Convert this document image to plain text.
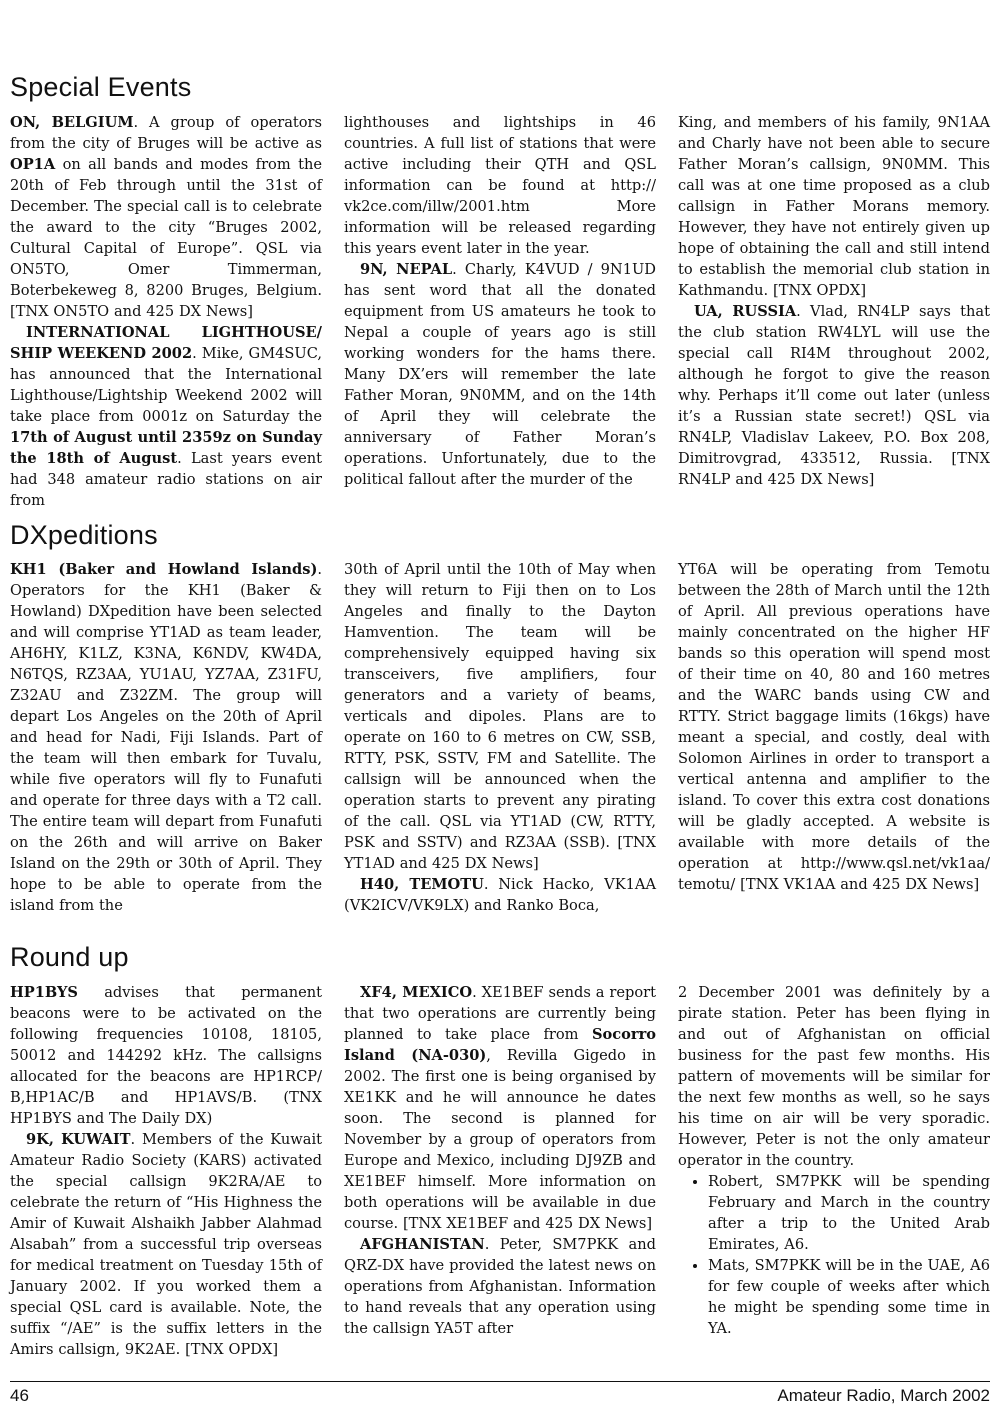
Special Events

ON, BELGIUM. A group of operators from the city of Bruges will be active as OP1A on all bands and modes from the 20th of Feb through until the 31st of December. The special call is to celebrate the award to the city “Bruges 2002, Cultural Capital of Europe”. QSL via ON5TO, Omer Timmerman, Boterbekeweg 8, 8200 Bruges, Belgium. [TNX ON5TO and 425 DX News]

INTERNATIONAL LIGHTHOUSE/ SHIP WEEKEND 2002. Mike, GM4SUC, has announced that the International Lighthouse/Lightship Weekend 2002 will take place from 0001z on Saturday the 17th of August until 2359z on Sunday the 18th of August. Last years event had 348 amateur radio stations on air from

lighthouses and lightships in 46 countries. A full list of stations that were active including their QTH and QSL information can be found at http:// vk2ce.com/illw/2001.htm More information will be released regarding this years event later in the year.

9N, NEPAL. Charly, K4VUD / 9N1UD has sent word that all the donated equipment from US amateurs he took to Nepal a couple of years ago is still working wonders for the hams there. Many DX’ers will remember the late Father Moran, 9N0MM, and on the 14th of April they will celebrate the anniversary of Father Moran’s operations. Unfortunately, due to the political fallout after the murder of the

King, and members of his family, 9N1AA and Charly have not been able to secure Father Moran’s callsign, 9N0MM. This call was at one time proposed as a club callsign in Father Morans memory. However, they have not entirely given up hope of obtaining the call and still intend to establish the memorial club station in Kathmandu. [TNX OPDX]

UA, RUSSIA. Vlad, RN4LP says that the club station RW4LYL will use the special call RI4M throughout 2002, although he forgot to give the reason why. Perhaps it’ll come out later (unless it’s a Russian state secret!) QSL via RN4LP, Vladislav Lakeev, P.O. Box 208, Dimitrovgrad, 433512, Russia. [TNX RN4LP and 425 DX News]

DXpeditions

KH1 (Baker and Howland Islands). Operators for the KH1 (Baker & Howland) DXpedition have been selected and will comprise YT1AD as team leader, AH6HY, K1LZ, K3NA, K6NDV, KW4DA, N6TQS, RZ3AA, YU1AU, YZ7AA, Z31FU, Z32AU and Z32ZM. The group will depart Los Angeles on the 20th of April and head for Nadi, Fiji Islands. Part of the team will then embark for Tuvalu, while five operators will fly to Funafuti and operate for three days with a T2 call. The entire team will depart from Funafuti on the 26th and will arrive on Baker Island on the 29th or 30th of April. They hope to be able to operate from the island from the

30th of April until the 10th of May when they will return to Fiji then on to Los Angeles and finally to the Dayton Hamvention. The team will be comprehensively equipped having six transceivers, five amplifiers, four generators and a variety of beams, verticals and dipoles. Plans are to operate on 160 to 6 metres on CW, SSB, RTTY, PSK, SSTV, FM and Satellite. The callsign will be announced when the operation starts to prevent any pirating of the call. QSL via YT1AD (CW, RTTY, PSK and SSTV) and RZ3AA (SSB). [TNX YT1AD and 425 DX News]

H40, TEMOTU. Nick Hacko, VK1AA (VK2ICV/VK9LX) and Ranko Boca,

YT6A will be operating from Temotu between the 28th of March until the 12th of April. All previous operations have mainly concentrated on the higher HF bands so this operation will spend most of their time on 40, 80 and 160 metres and the WARC bands using CW and RTTY. Strict baggage limits (16kgs) have meant a special, and costly, deal with Solomon Airlines in order to transport a vertical antenna and amplifier to the island. To cover this extra cost donations will be gladly accepted. A website is available with more details of the operation at http://www.qsl.net/vk1aa/ temotu/ [TNX VK1AA and 425 DX News]

Round up

HP1BYS advises that permanent beacons were to be activated on the following frequencies 10108, 18105, 50012 and 144292 kHz. The callsigns allocated for the beacons are HP1RCP/ B,HP1AC/B and HP1AVS/B. (TNX HP1BYS and The Daily DX)

9K, KUWAIT. Members of the Kuwait Amateur Radio Society (KARS) activated the special callsign 9K2RA/AE to celebrate the return of “His Highness the Amir of Kuwait Alshaikh Jabber Alahmad Alsabah” from a successful trip overseas for medical treatment on Tuesday 15th of January 2002. If you worked them a special QSL card is available. Note, the suffix “/AE” is the suffix letters in the Amirs callsign, 9K2AE. [TNX OPDX]

XF4, MEXICO. XE1BEF sends a report that two operations are currently being planned to take place from Socorro Island (NA-030), Revilla Gigedo in 2002. The first one is being organised by XE1KK and he will announce he dates soon. The second is planned for November by a group of operators from Europe and Mexico, including DJ9ZB and XE1BEF himself. More information on both operations will be available in due course. [TNX XE1BEF and 425 DX News]

AFGHANISTAN. Peter, SM7PKK and QRZ-DX have provided the latest news on operations from Afghanistan. Information to hand reveals that any operation using the callsign YA5T after

2 December 2001 was definitely by a pirate station. Peter has been flying in and out of Afghanistan on official business for the past few months. His pattern of movements will be similar for the next few months as well, so he says his time on air will be very sporadic. However, Peter is not the only amateur operator in the country.

• Robert, SM7PKK will be spending February and March in the country after a trip to the United Arab Emirates, A6.
• Mats, SM7PKK will be in the UAE, A6 for few couple of weeks after which he might be spending some time in YA.
46	Amateur Radio, March 2002
